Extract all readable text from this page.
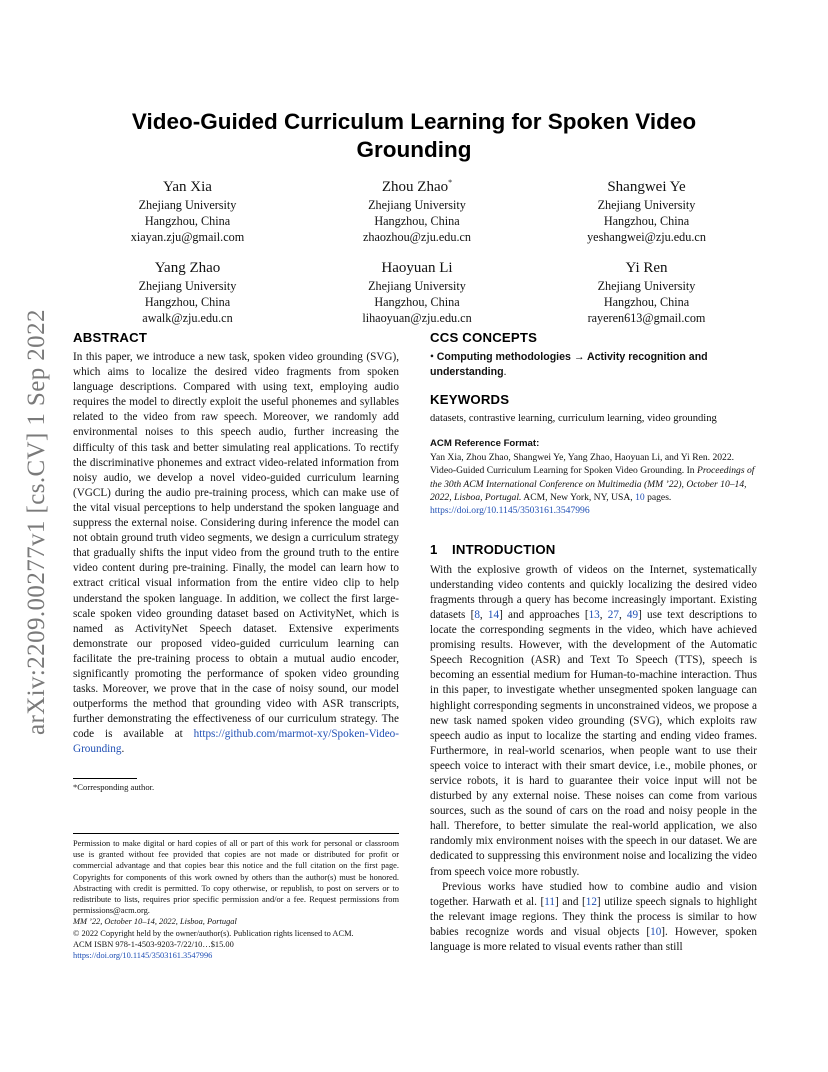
arXiv:2209.00277v1 [cs.CV] 1 Sep 2022
Video-Guided Curriculum Learning for Spoken Video Grounding
Yan Xia
Zhejiang University
Hangzhou, China
xiayan.zju@gmail.com
Zhou Zhao*
Zhejiang University
Hangzhou, China
zhaozhou@zju.edu.cn
Shangwei Ye
Zhejiang University
Hangzhou, China
yeshangwei@zju.edu.cn
Yang Zhao
Zhejiang University
Hangzhou, China
awalk@zju.edu.cn
Haoyuan Li
Zhejiang University
Hangzhou, China
lihaoyuan@zju.edu.cn
Yi Ren
Zhejiang University
Hangzhou, China
rayeren613@gmail.com
ABSTRACT

In this paper, we introduce a new task, spoken video grounding (SVG), which aims to localize the desired video fragments from spoken language descriptions. Compared with using text, employing audio requires the model to directly exploit the useful phonemes and syllables related to the video from raw speech. Moreover, we randomly add environmental noises to this speech audio, further increasing the difficulty of this task and better simulating real applications. To rectify the discriminative phonemes and extract video-related information from noisy audio, we develop a novel video-guided curriculum learning (VGCL) during the audio pre-training process, which can make use of the vital visual perceptions to help understand the spoken language and suppress the external noise. Considering during inference the model can not obtain ground truth video segments, we design a curriculum strategy that gradually shifts the input video from the ground truth to the entire video content during pre-training. Finally, the model can learn how to extract critical visual information from the entire video clip to help understand the spoken language. In addition, we collect the first large-scale spoken video grounding dataset based on ActivityNet, which is named as ActivityNet Speech dataset. Extensive experiments demonstrate our proposed video-guided curriculum learning can facilitate the pre-training process to obtain a mutual audio encoder, significantly promoting the performance of spoken video grounding tasks. Moreover, we prove that in the case of noisy sound, our model outperforms the method that grounding video with ASR transcripts, further demonstrating the effectiveness of our curriculum strategy. The code is available at https://github.com/marmot-xy/Spoken-Video-Grounding.

*Corresponding author.
Permission to make digital or hard copies of all or part of this work for personal or classroom use is granted without fee provided that copies are not made or distributed for profit or commercial advantage and that copies bear this notice and the full citation on the first page. Copyrights for components of this work owned by others than the author(s) must be honored. Abstracting with credit is permitted. To copy otherwise, or republish, to post on servers or to redistribute to lists, requires prior specific permission and/or a fee. Request permissions from permissions@acm.org.
MM ’22, October 10–14, 2022, Lisboa, Portugal
© 2022 Copyright held by the owner/author(s). Publication rights licensed to ACM.
ACM ISBN 978-1-4503-9203-7/22/10…$15.00
https://doi.org/10.1145/3503161.3547996
CCS CONCEPTS

• Computing methodologies → Activity recognition and understanding.

KEYWORDS

datasets, contrastive learning, curriculum learning, video grounding

ACM Reference Format:

Yan Xia, Zhou Zhao, Shangwei Ye, Yang Zhao, Haoyuan Li, and Yi Ren. 2022. Video-Guided Curriculum Learning for Spoken Video Grounding. In Proceedings of the 30th ACM International Conference on Multimedia (MM ’22), October 10–14, 2022, Lisboa, Portugal. ACM, New York, NY, USA, 10 pages.
https://doi.org/10.1145/3503161.3547996

1 INTRODUCTION

With the explosive growth of videos on the Internet, systematically understanding video contents and quickly localizing the desired video fragments through a query has become increasingly important. Existing datasets [8, 14] and approaches [13, 27, 49] use text descriptions to locate the corresponding segments in the video, which have achieved promising results. However, with the development of the Automatic Speech Recognition (ASR) and Text To Speech (TTS), speech is becoming an essential medium for Human-to-machine interaction. Thus in this paper, to investigate whether unsegmented spoken language can highlight corresponding segments in unconstrained videos, we propose a new task named spoken video grounding (SVG), which exploits raw speech audio as input to localize the starting and ending video frames. Furthermore, in real-world scenarios, when people want to use their speech voice to interact with their smart device, i.e., mobile phones, or service robots, it is hard to guarantee their voice input will not be disturbed by any external noise. These noises can come from various sources, such as the sound of cars on the road and noisy people in the hall. Therefore, to better simulate the real-world application, we also randomly mix environment noises with the speech in our dataset. We are dedicated to suppressing this environment noise and localizing the video from speech voice more robustly.

Previous works have studied how to combine audio and vision together. Harwath et al. [11] and [12] utilize speech signals to highlight the relevant image regions. They think the process is similar to how babies recognize words and visual objects [10]. However, spoken language is more related to visual events rather than still
